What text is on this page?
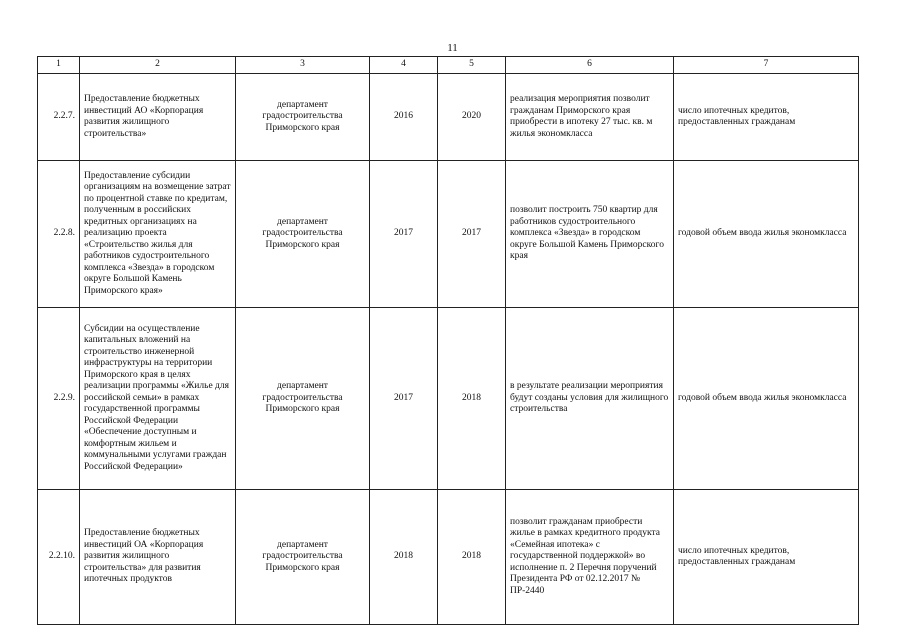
11
1	2	3	4	5	6	7
2.2.7.	Предоставление бюджетных инвестиций АО «Корпорация развития жилищного строительства»	департамент градостроительства Приморского края	2016	2020	реализация мероприятия позволит гражданам Приморского края приобрести в ипотеку 27 тыс. кв. м жилья экономкласса	число ипотечных кредитов, предоставленных гражданам
2.2.8.	Предоставление субсидии организациям на возмещение затрат по процентной ставке по кредитам, полученным в российских кредитных организациях на реализацию проекта «Строительство жилья для работников судостроительного комплекса «Звезда» в городском округе Большой Камень Приморского края»	департамент градостроительства Приморского края	2017	2017	позволит построить 750 квартир для работников судостроительного комплекса «Звезда» в городском округе Большой Камень Приморского края	годовой объем ввода жилья экономкласса
2.2.9.	Субсидии на осуществление капитальных вложений на строительство инженерной инфраструктуры на территории Приморского края в целях реализации программы «Жилье для российской семьи» в рамках государственной программы Российской Федерации «Обеспечение доступным и комфортным жильем и коммунальными услугами граждан Российской Федерации»	департамент градостроительства Приморского края	2017	2018	в результате реализации мероприятия будут созданы условия для жилищного строительства	годовой объем ввода жилья экономкласса
2.2.10.	Предоставление бюджетных инвестиций ОА «Корпорация развития жилищного строительства» для развития ипотечных продуктов	департамент градостроительства Приморского края	2018	2018	позволит гражданам приобрести жилье в рамках кредитного продукта «Семейная ипотека» с государственной поддержкой» во исполнение п. 2 Перечня поручений Президента РФ от 02.12.2017 № ПР-2440	число ипотечных кредитов, предоставленных гражданам
